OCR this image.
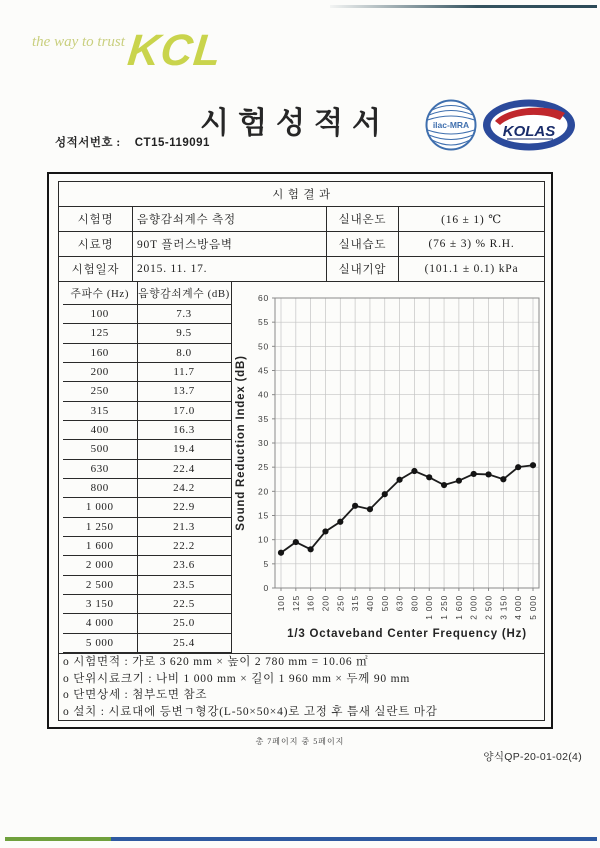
the way to trust KCL
시험성적서
성적서번호 : CT15-119091
ilac-MRA KOLAS
시 험 결 과
시험명	음향감쇠계수 측정	실내온도	(16 ± 1) ℃
시료명	90T 플러스방음벽	실내습도	(76 ± 3) % R.H.
시험일자	2015. 11. 17.	실내기압	(101.1 ± 0.1) kPa

주파수 (Hz)	음향감쇠계수 (dB)
100	7.3
125	9.5
160	8.0
200	11.7
250	13.7
315	17.0
400	16.3
500	19.4
630	22.4
800	24.2
1 000	22.9
1 250	21.3
1 600	22.2
2 000	23.6
2 500	23.5
3 150	22.5
4 000	25.0
5 000	25.4
0
5
10
15
20
25
30
35
40
45
50
55
60
100 125 160 200 250 315 400 500 630 800 1 000 1 250 1 600 2 000 2 500 3 150 4 000 5 000
1/3 Octaveband Center Frequency (Hz)
Sound Reduction Index (dB)

o 시험면적 : 가로 3 620 mm × 높이 2 780 mm = 10.06 ㎡
o 단위시료크기 : 나비 1 000 mm × 길이 1 960 mm × 두께 90 mm
o 단면상세 : 첨부도면 참조
o 설치 : 시료대에 등변ㄱ형강(L-50×50×4)로 고정 후 틈새 실란트 마감
총 7페이지 중 5페이지
양식QP-20-01-02(4)
